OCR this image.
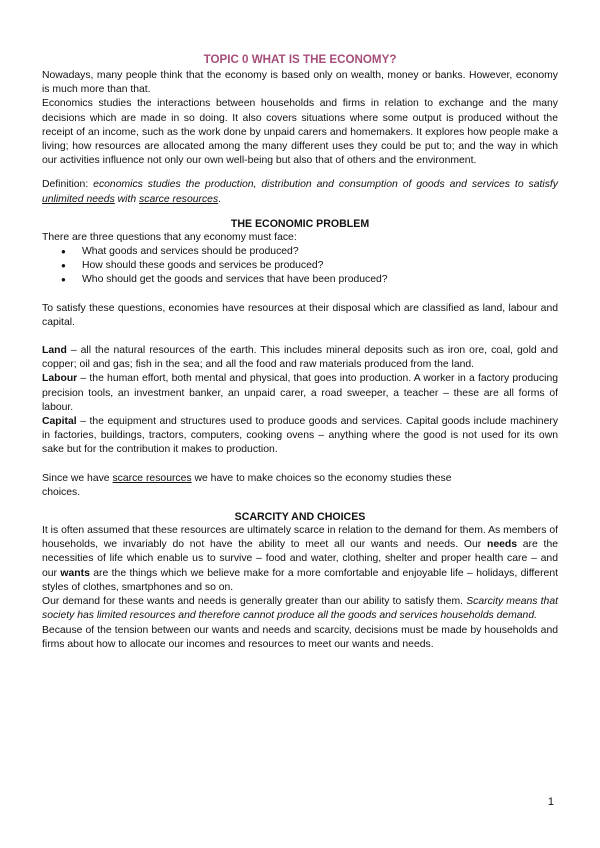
TOPIC 0 WHAT IS THE ECONOMY?

Nowadays, many people think that the economy is based only on wealth, money or banks. However, economy is much more than that.

Economics studies the interactions between households and firms in relation to exchange and the many decisions which are made in so doing. It also covers situations where some output is produced without the receipt of an income, such as the work done by unpaid carers and homemakers. It explores how people make a living; how resources are allocated among the many different uses they could be put to; and the way in which our activities influence not only our own well-being but also that of others and the environment.

Definition: economics studies the production, distribution and consumption of goods and services to satisfy unlimited needs with scarce resources.

THE ECONOMIC PROBLEM

There are three questions that any economy must face:

● What goods and services should be produced?
● How should these goods and services be produced?
● Who should get the goods and services that have been produced?

To satisfy these questions, economies have resources at their disposal which are classified as land, labour and capital.

Land – all the natural resources of the earth. This includes mineral deposits such as iron ore, coal, gold and copper; oil and gas; fish in the sea; and all the food and raw materials produced from the land.

Labour – the human effort, both mental and physical, that goes into production. A worker in a factory producing precision tools, an investment banker, an unpaid carer, a road sweeper, a teacher – these are all forms of labour.

Capital – the equipment and structures used to produce goods and services. Capital goods include machinery in factories, buildings, tractors, computers, cooking ovens – anything where the good is not used for its own sake but for the contribution it makes to production.

Since we have scarce resources we have to make choices so the economy studies these
choices.

SCARCITY AND CHOICES

It is often assumed that these resources are ultimately scarce in relation to the demand for them. As members of households, we invariably do not have the ability to meet all our wants and needs. Our needs are the necessities of life which enable us to survive – food and water, clothing, shelter and proper health care – and our wants are the things which we believe make for a more comfortable and enjoyable life – holidays, different styles of clothes, smartphones and so on.

Our demand for these wants and needs is generally greater than our ability to satisfy them. Scarcity means that society has limited resources and therefore cannot produce all the goods and services households demand.

Because of the tension between our wants and needs and scarcity, decisions must be made by households and firms about how to allocate our incomes and resources to meet our wants and needs.

1
